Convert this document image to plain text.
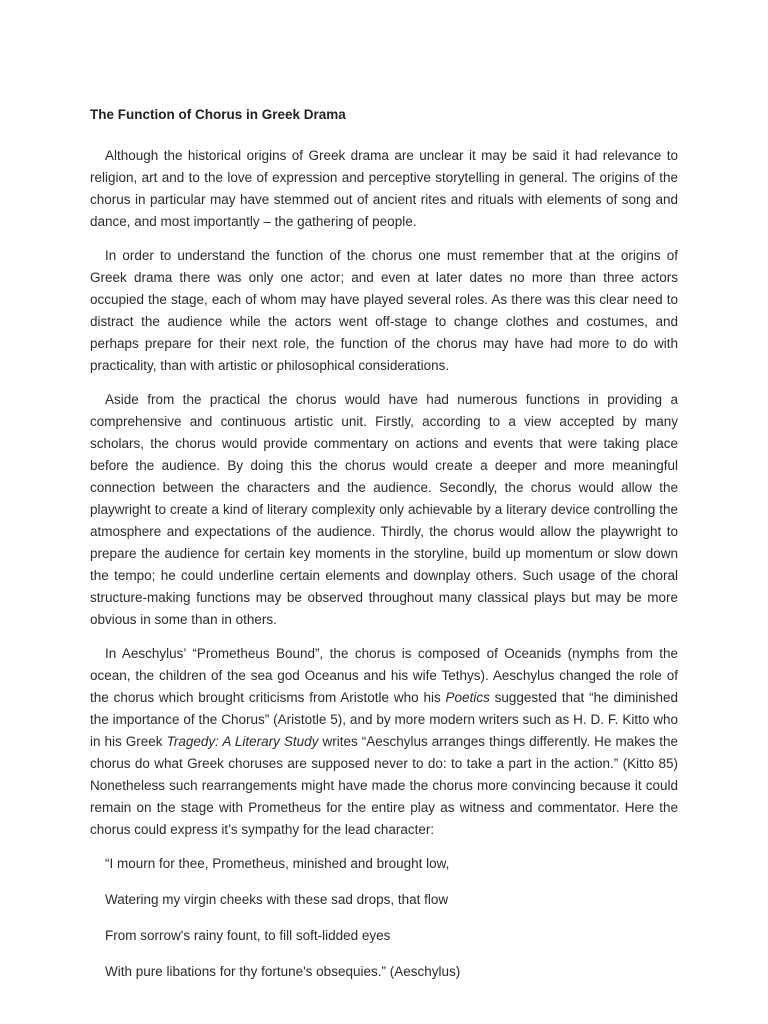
The Function of Chorus in Greek Drama

Although the historical origins of Greek drama are unclear it may be said it had relevance to religion, art and to the love of expression and perceptive storytelling in general. The origins of the chorus in particular may have stemmed out of ancient rites and rituals with elements of song and dance, and most importantly – the gathering of people.

In order to understand the function of the chorus one must remember that at the origins of Greek drama there was only one actor; and even at later dates no more than three actors occupied the stage, each of whom may have played several roles. As there was this clear need to distract the audience while the actors went off-stage to change clothes and costumes, and perhaps prepare for their next role, the function of the chorus may have had more to do with practicality, than with artistic or philosophical considerations.

Aside from the practical the chorus would have had numerous functions in providing a comprehensive and continuous artistic unit. Firstly, according to a view accepted by many scholars, the chorus would provide commentary on actions and events that were taking place before the audience. By doing this the chorus would create a deeper and more meaningful connection between the characters and the audience. Secondly, the chorus would allow the playwright to create a kind of literary complexity only achievable by a literary device controlling the atmosphere and expectations of the audience. Thirdly, the chorus would allow the playwright to prepare the audience for certain key moments in the storyline, build up momentum or slow down the tempo; he could underline certain elements and downplay others. Such usage of the choral structure-making functions may be observed throughout many classical plays but may be more obvious in some than in others.

In Aeschylus’ “Prometheus Bound”, the chorus is composed of Oceanids (nymphs from the ocean, the children of the sea god Oceanus and his wife Tethys). Aeschylus changed the role of the chorus which brought criticisms from Aristotle who his Poetics suggested that “he diminished the importance of the Chorus” (Aristotle 5), and by more modern writers such as H. D. F. Kitto who in his Greek Tragedy: A Literary Study writes “Aeschylus arranges things differently. He makes the chorus do what Greek choruses are supposed never to do: to take a part in the action.” (Kitto 85) Nonetheless such rearrangements might have made the chorus more convincing because it could remain on the stage with Prometheus for the entire play as witness and commentator. Here the chorus could express it’s sympathy for the lead character:

“I mourn for thee, Prometheus, minished and brought low,
Watering my virgin cheeks with these sad drops, that flow
From sorrow's rainy fount, to fill soft-lidded eyes
With pure libations for thy fortune's obsequies.” (Aeschylus)
